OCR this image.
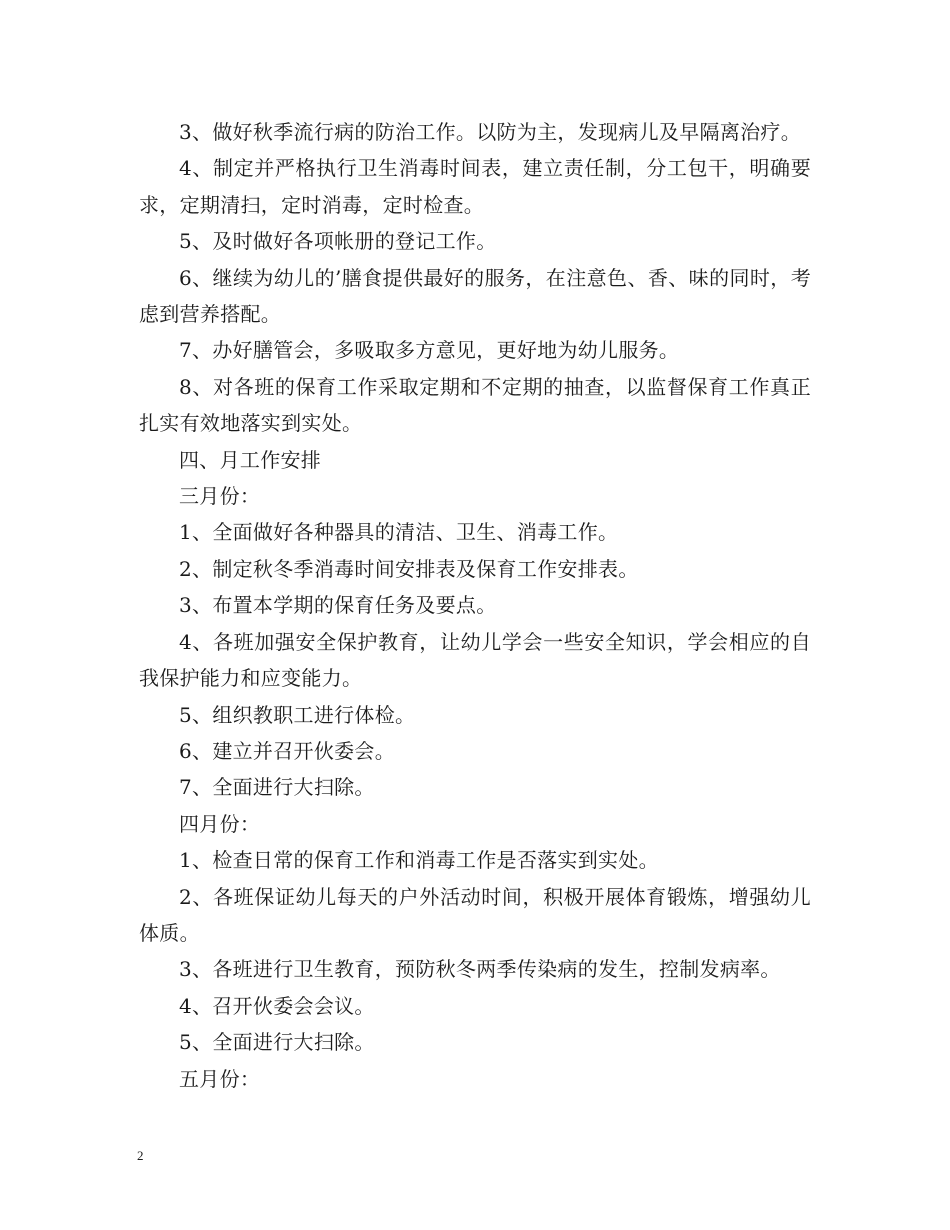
3、做好秋季流行病的防治工作。以防为主，发现病儿及早隔离治疗。

4、制定并严格执行卫生消毒时间表，建立责任制，分工包干，明确要求，定期清扫，定时消毒，定时检查。

5、及时做好各项帐册的登记工作。

6、继续为幼儿的’膳食提供最好的服务，在注意色、香、味的同时，考虑到营养搭配。

7、办好膳管会，多吸取多方意见，更好地为幼儿服务。

8、对各班的保育工作采取定期和不定期的抽查，以监督保育工作真正扎实有效地落实到实处。

四、月工作安排

三月份：

1、全面做好各种器具的清洁、卫生、消毒工作。

2、制定秋冬季消毒时间安排表及保育工作安排表。

3、布置本学期的保育任务及要点。

4、各班加强安全保护教育，让幼儿学会一些安全知识，学会相应的自我保护能力和应变能力。

5、组织教职工进行体检。

6、建立并召开伙委会。

7、全面进行大扫除。

四月份：

1、检查日常的保育工作和消毒工作是否落实到实处。

2、各班保证幼儿每天的户外活动时间，积极开展体育锻炼，增强幼儿体质。

3、各班进行卫生教育，预防秋冬两季传染病的发生，控制发病率。

4、召开伙委会会议。

5、全面进行大扫除。

五月份：

2
